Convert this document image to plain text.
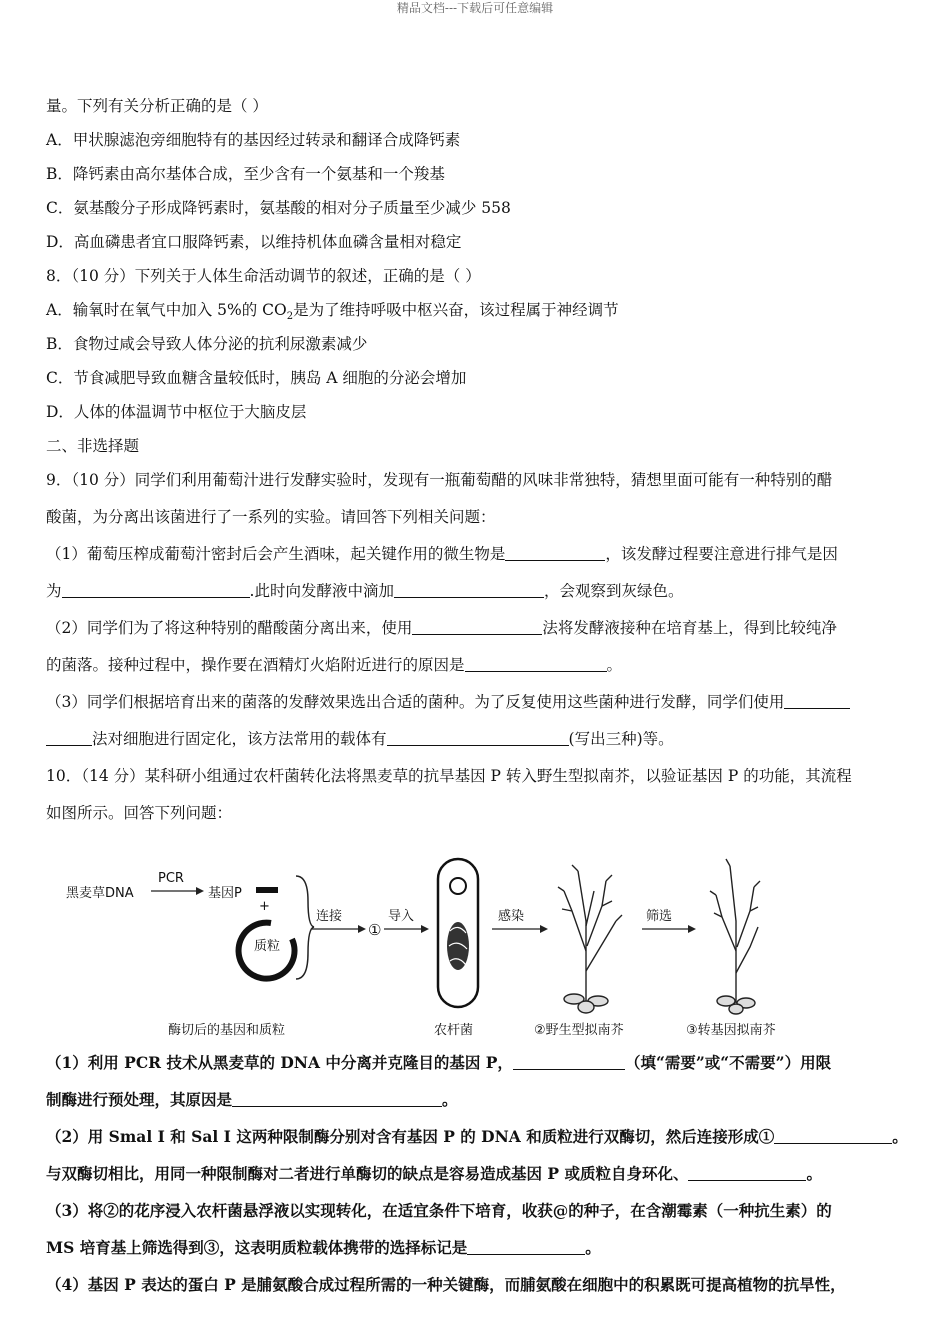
精品文档---下载后可任意编辑
量。下列有关分析正确的是（ ）
A．甲状腺滤泡旁细胞特有的基因经过转录和翻译合成降钙素
B．降钙素由高尔基体合成，至少含有一个氨基和一个羧基
C．氨基酸分子形成降钙素时，氨基酸的相对分子质量至少减少 558
D．高血磷患者宜口服降钙素，以维持机体血磷含量相对稳定
8．（10 分）下列关于人体生命活动调节的叙述，正确的是（ ）
A．输氧时在氧气中加入 5%的 $CO_2$是为了维持呼吸中枢兴奋，该过程属于神经调节
B．食物过咸会导致人体分泌的抗利尿激素减少
C．节食减肥导致血糖含量较低时，胰岛 A 细胞的分泌会增加
D．人体的体温调节中枢位于大脑皮层
二、非选择题
9．（10 分）同学们利用葡萄汁进行发酵实验时，发现有一瓶葡萄醋的风味非常独特，猜想里面可能有一种特别的醋
酸菌，为分离出该菌进行了一系列的实验。请回答下列相关问题：
（1）葡萄压榨成葡萄汁密封后会产生酒味，起关键作用的微生物是	，该发酵过程要注意进行排气是因
为	.此时向发酵液中滴加	，会观察到灰绿色。
（2）同学们为了将这种特别的醋酸菌分离出来，使用	法将发酵液接种在培育基上，得到比较纯净
的菌落。接种过程中，操作要在酒精灯火焰附近进行的原因是	。
（3）同学们根据培育出来的菌落的发酵效果选出合适的菌种。为了反复使用这些菌种进行发酵，同学们使用
法对细胞进行固定化，该方法常用的载体有	(写出三种)等。
10．（14 分）某科研小组通过农杆菌转化法将黑麦草的抗旱基因 P 转入野生型拟南芥，以验证基因 P 的功能，其流程
如图所示。回答下列问题：
黑麦草DNA
PCR
基因P
+
质粒
连接
①
导入	感染	筛选
酶切后的基因和质粒	农杆菌	②野生型拟南芥	③转基因拟南芥
（1）利用 PCR 技术从黑麦草的 DNA 中分离并克隆目的基因 P，	（填“需要”或“不需要”）用限
制酶进行预处理，其原因是	。
（2）用 Smal I 和 Sal I 这两种限制酶分别对含有基因 P 的 DNA 和质粒进行双酶切，然后连接形成①	。
与双酶切相比，用同一种限制酶对二者进行单酶切的缺点是容易造成基因 P 或质粒自身环化、	。
（3）将②的花序浸入农杆菌悬浮液以实现转化，在适宜条件下培育，收获@的种子，在含潮霉素（一种抗生素）的
MS 培育基上筛选得到③，这表明质粒载体携带的选择标记是	。
（4）基因 P 表达的蛋白 P 是脯氨酸合成过程所需的一种关键酶，而脯氨酸在细胞中的积累既可提高植物的抗旱性，
